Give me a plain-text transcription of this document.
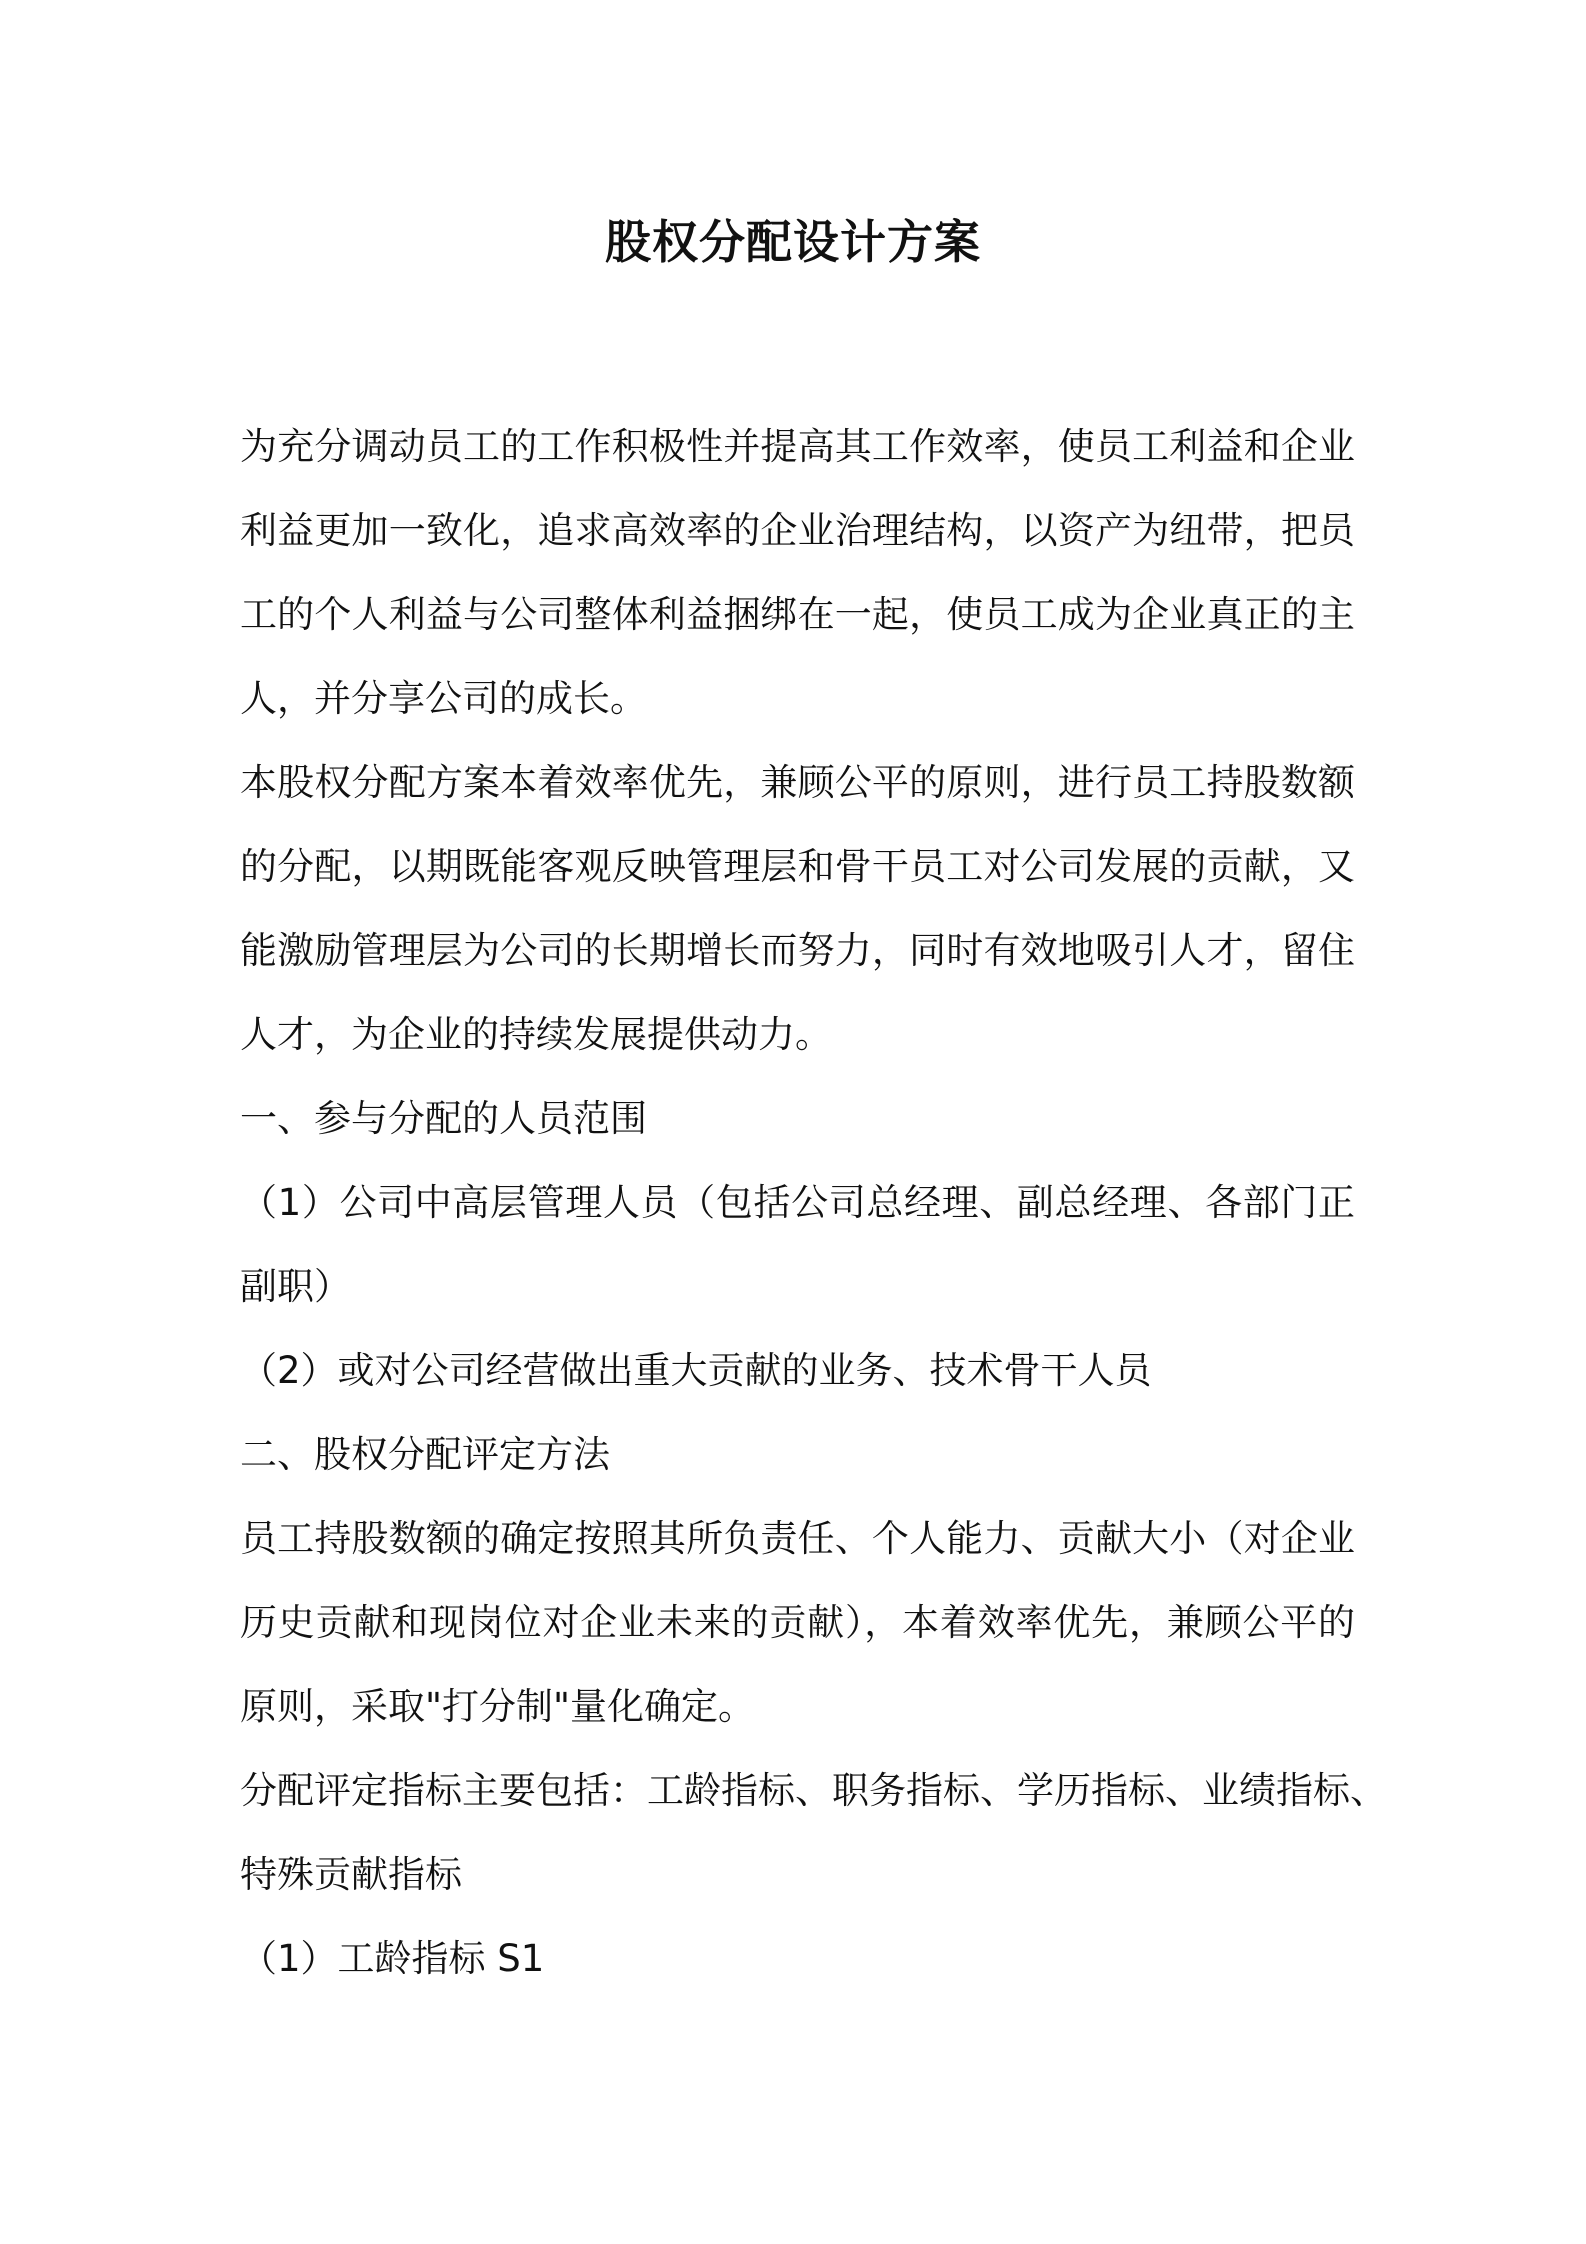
股权分配设计方案
为充分调动员工的工作积极性并提高其工作效率，使员工利益和企业
利益更加一致化，追求高效率的企业治理结构，以资产为纽带，把员
工的个人利益与公司整体利益捆绑在一起，使员工成为企业真正的主
人，并分享公司的成长。
本股权分配方案本着效率优先，兼顾公平的原则，进行员工持股数额
的分配，以期既能客观反映管理层和骨干员工对公司发展的贡献，又
能激励管理层为公司的长期增长而努力，同时有效地吸引人才，留住
人才，为企业的持续发展提供动力。
一、参与分配的人员范围
（1）公司中高层管理人员（包括公司总经理、副总经理、各部门正
副职）
（2）或对公司经营做出重大贡献的业务、技术骨干人员
二、股权分配评定方法
员工持股数额的确定按照其所负责任、个人能力、贡献大小（对企业
历史贡献和现岗位对企业未来的贡献），本着效率优先，兼顾公平的
原则，采取"打分制"量化确定。
分配评定指标主要包括：工龄指标、职务指标、学历指标、业绩指标、
特殊贡献指标
（1）工龄指标 S1
